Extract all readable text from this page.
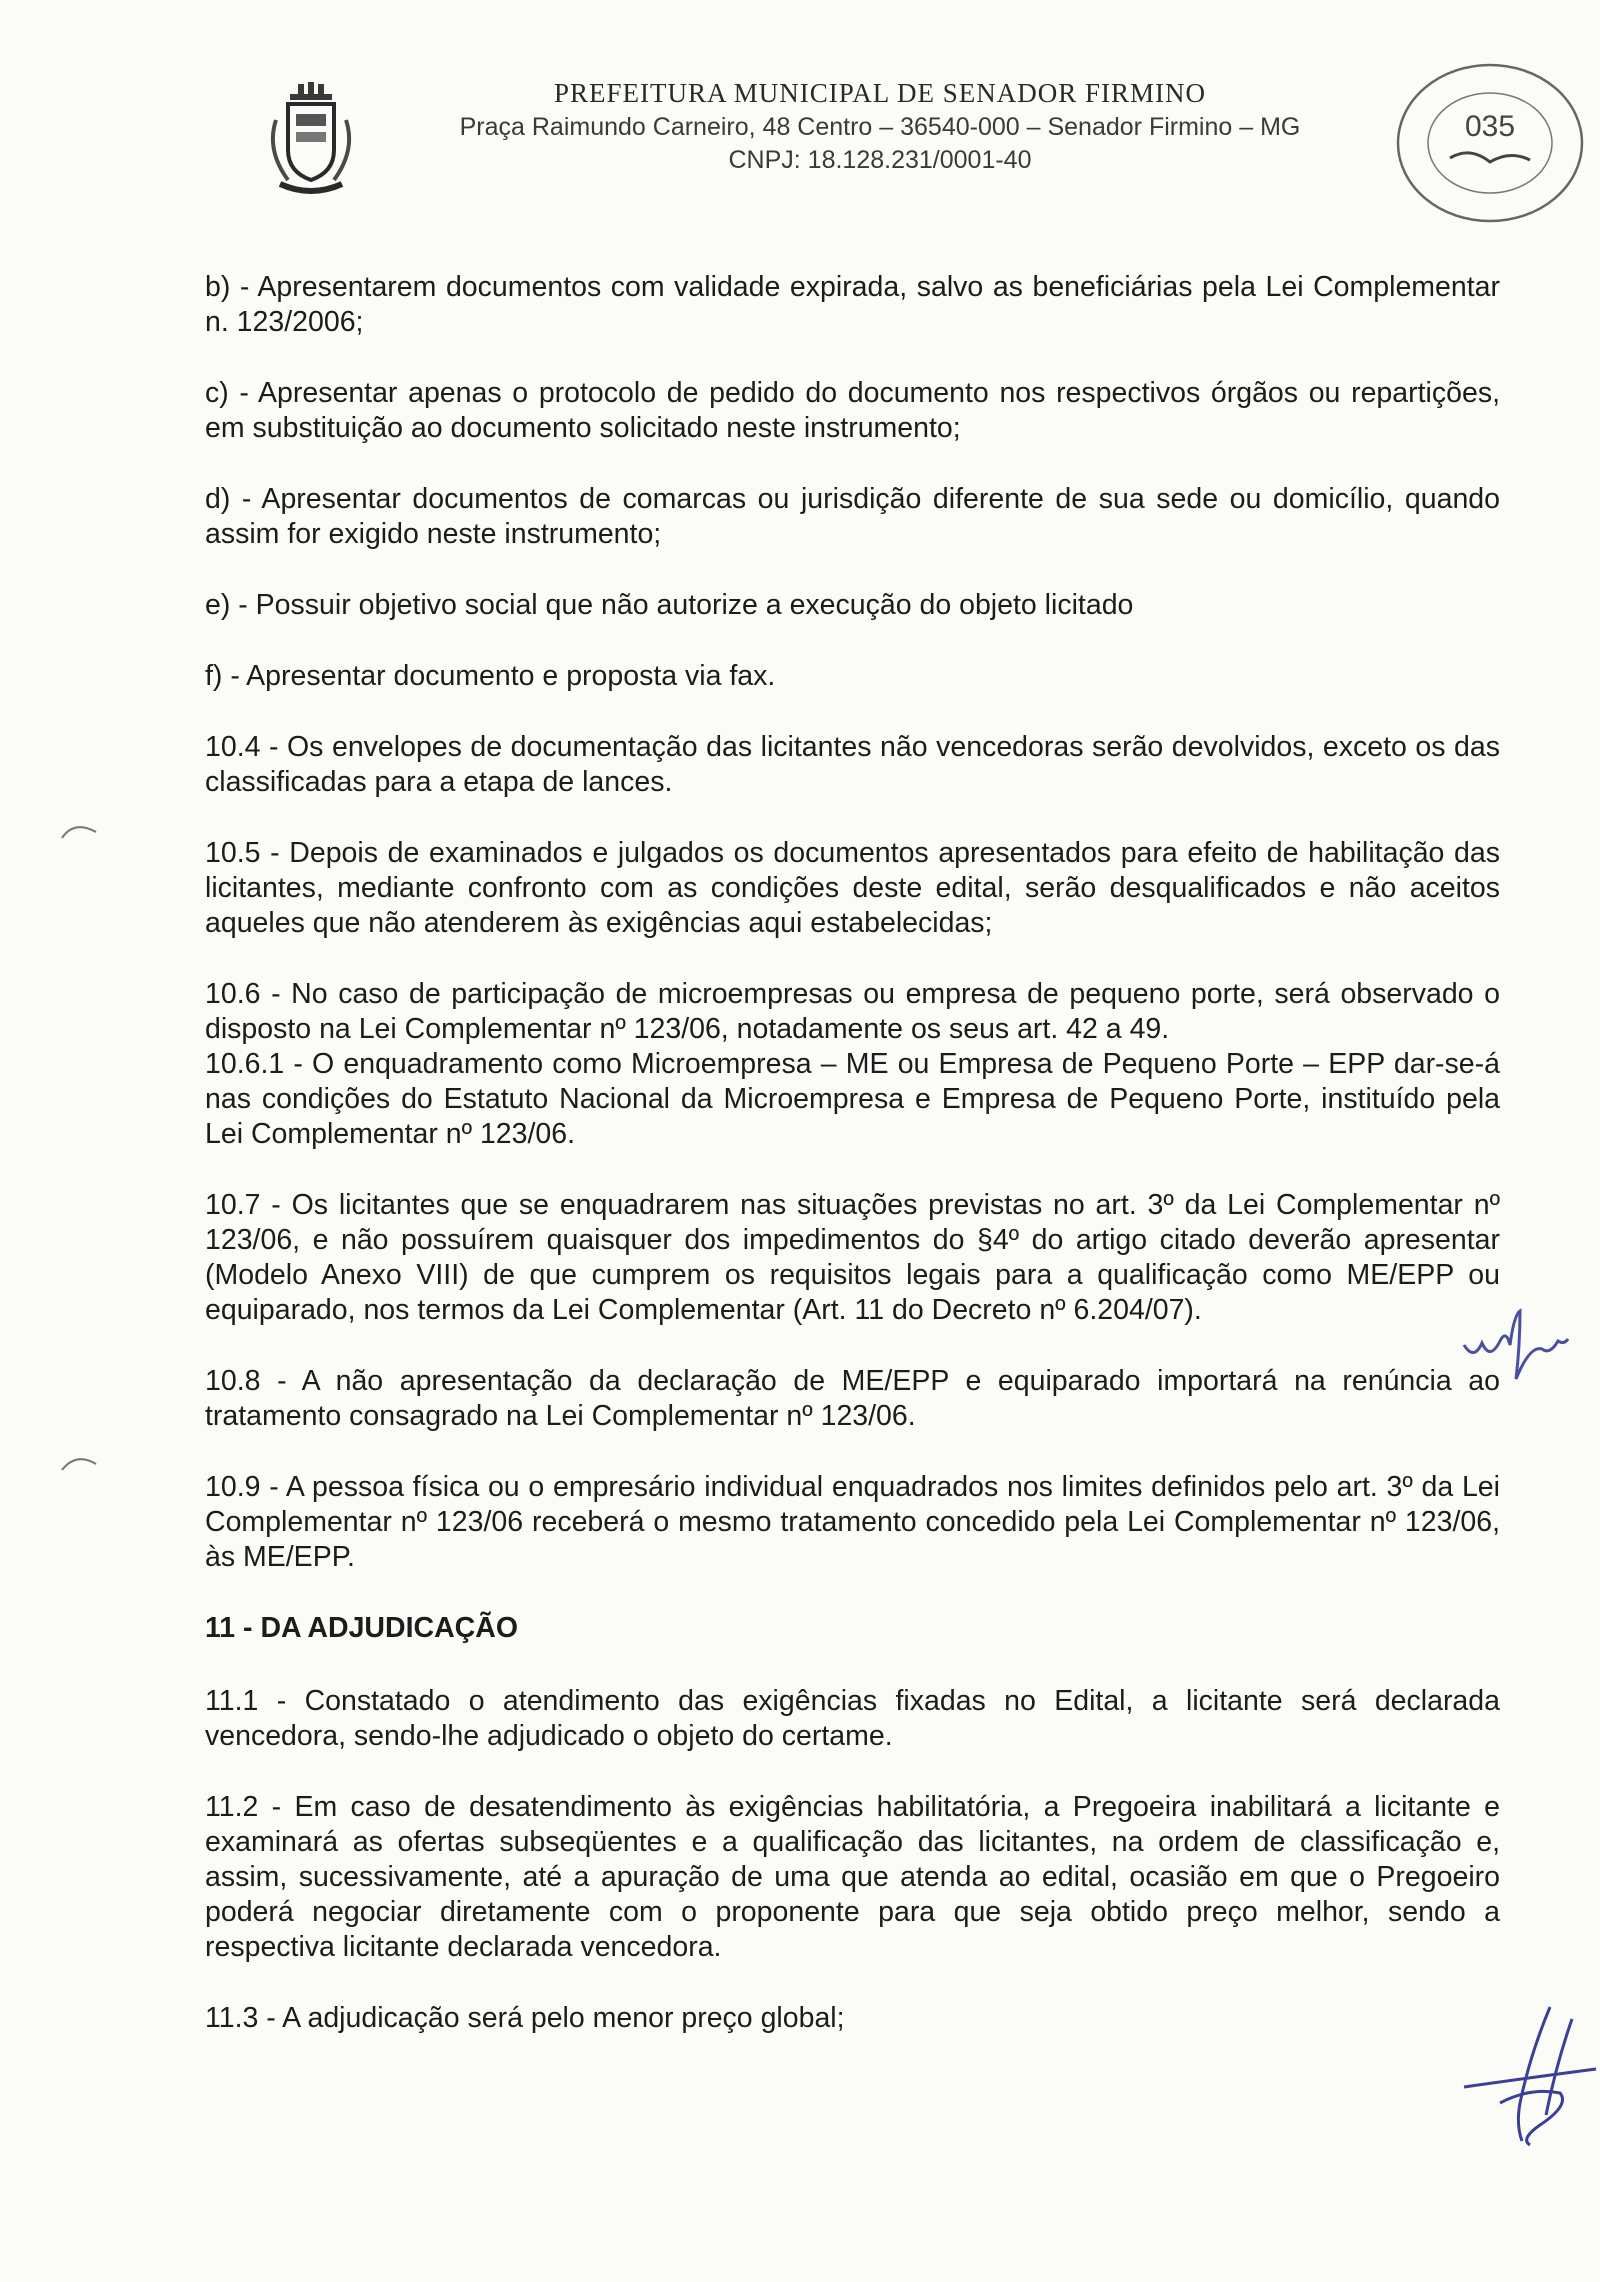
PREFEITURA MUNICIPAL DE SENADOR FIRMINO
Praça Raimundo Carneiro, 48 Centro – 36540-000 – Senador Firmino – MG
CNPJ: 18.128.231/0001-40
035

b) - Apresentarem documentos com validade expirada, salvo as beneficiárias pela Lei Complementar n. 123/2006;

c) - Apresentar apenas o protocolo de pedido do documento nos respectivos órgãos ou repartições, em substituição ao documento solicitado neste instrumento;

d) - Apresentar documentos de comarcas ou jurisdição diferente de sua sede ou domicílio, quando assim for exigido neste instrumento;

e) - Possuir objetivo social que não autorize a execução do objeto licitado

f) - Apresentar documento e proposta via fax.

10.4 - Os envelopes de documentação das licitantes não vencedoras serão devolvidos, exceto os das classificadas para a etapa de lances.

10.5 - Depois de examinados e julgados os documentos apresentados para efeito de habilitação das licitantes, mediante confronto com as condições deste edital, serão desqualificados e não aceitos aqueles que não atenderem às exigências aqui estabelecidas;

10.6 - No caso de participação de microempresas ou empresa de pequeno porte, será observado o disposto na Lei Complementar nº 123/06, notadamente os seus art. 42 a 49.

10.6.1 - O enquadramento como Microempresa – ME ou Empresa de Pequeno Porte – EPP dar-se-á nas condições do Estatuto Nacional da Microempresa e Empresa de Pequeno Porte, instituído pela Lei Complementar nº 123/06.

10.7 - Os licitantes que se enquadrarem nas situações previstas no art. 3º da Lei Complementar nº 123/06, e não possuírem quaisquer dos impedimentos do §4º do artigo citado deverão apresentar (Modelo Anexo VIII) de que cumprem os requisitos legais para a qualificação como ME/EPP ou equiparado, nos termos da Lei Complementar (Art. 11 do Decreto nº 6.204/07).

10.8 - A não apresentação da declaração de ME/EPP e equiparado importará na renúncia ao tratamento consagrado na Lei Complementar nº 123/06.

10.9 - A pessoa física ou o empresário individual enquadrados nos limites definidos pelo art. 3º da Lei Complementar nº 123/06 receberá o mesmo tratamento concedido pela Lei Complementar nº 123/06, às ME/EPP.

11 - DA ADJUDICAÇÃO

11.1 - Constatado o atendimento das exigências fixadas no Edital, a licitante será declarada vencedora, sendo-lhe adjudicado o objeto do certame.

11.2 - Em caso de desatendimento às exigências habilitatória, a Pregoeira inabilitará a licitante e examinará as ofertas subseqüentes e a qualificação das licitantes, na ordem de classificação e, assim, sucessivamente, até a apuração de uma que atenda ao edital, ocasião em que o Pregoeiro poderá negociar diretamente com o proponente para que seja obtido preço melhor, sendo a respectiva licitante declarada vencedora.

11.3 - A adjudicação será pelo menor preço global;
